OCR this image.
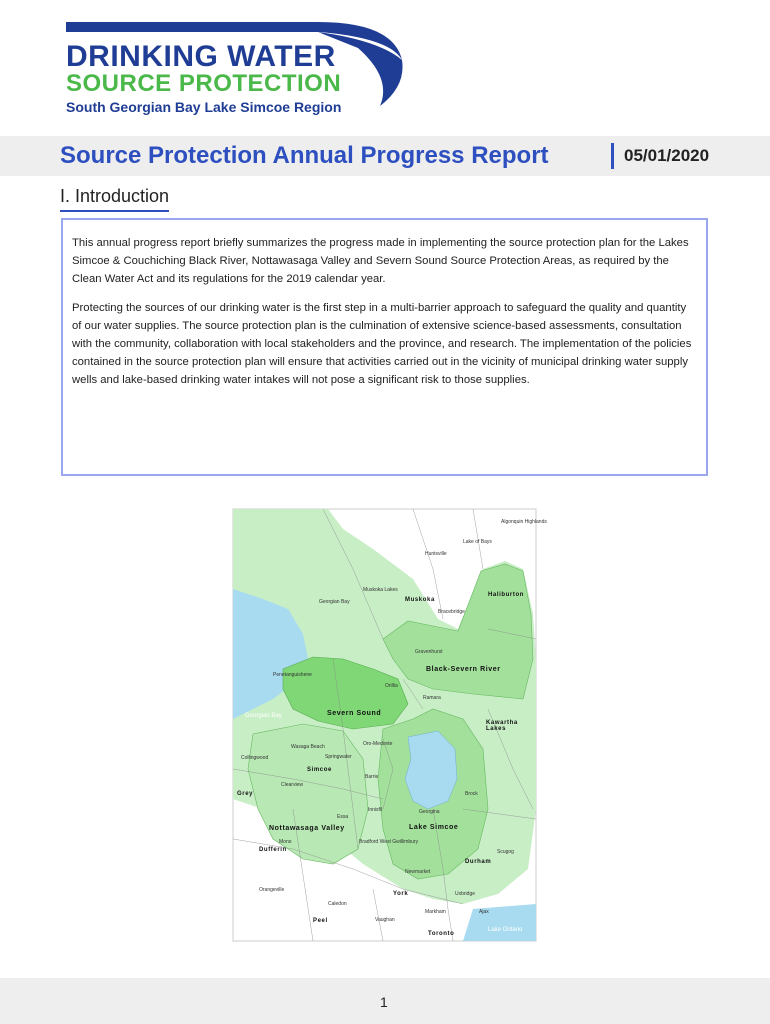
DRINKING WATER
SOURCE PROTECTION
South Georgian Bay Lake Simcoe Region
Source Protection Annual Progress Report	05/01/2020
I. Introduction

This annual progress report briefly summarizes the progress made in implementing the source protection plan for the Lakes Simcoe & Couchiching Black River, Nottawasaga Valley and Severn Sound Source Protection Areas, as required by the Clean Water Act and its regulations for the 2019 calendar year.

Protecting the sources of our drinking water is the first step in a multi-barrier approach to safeguard the quality and quantity of our water supplies. The source protection plan is the culmination of extensive science-based assessments, consultation with the community, collaboration with local stakeholders and the province, and research. The implementation of the policies contained in the source protection plan will ensure that activities carried out in the vicinity of municipal drinking water supply wells and lake-based drinking water intakes will not pose a significant risk to those supplies.

Black-Severn River
Severn Sound
Nottawasaga Valley	Lake Simcoe
Haliburton
Muskoka
Simcoe
Grey
Dufferin
Durham
York
Peel
Toronto
Kawartha Lakes
Algonquin Highlands
Lake of Bays
Huntsville
Muskoka Lakes
Georgian Bay
Bracebridge
Gravenhurst
Penetanguishene
Orillia
Ramara
Oro-Medonte
Springwater
Barrie
Innisfil
Clearview
Collingwood
Wasaga Beach
Essa
Bradford West Gwillimbury
Georgina
Brock
Scugog
Uxbridge
Newmarket
Mono
Orangeville
Caledon
Vaughan
Markham	Ajax
Georgian Bay
Lake Ontario
1
